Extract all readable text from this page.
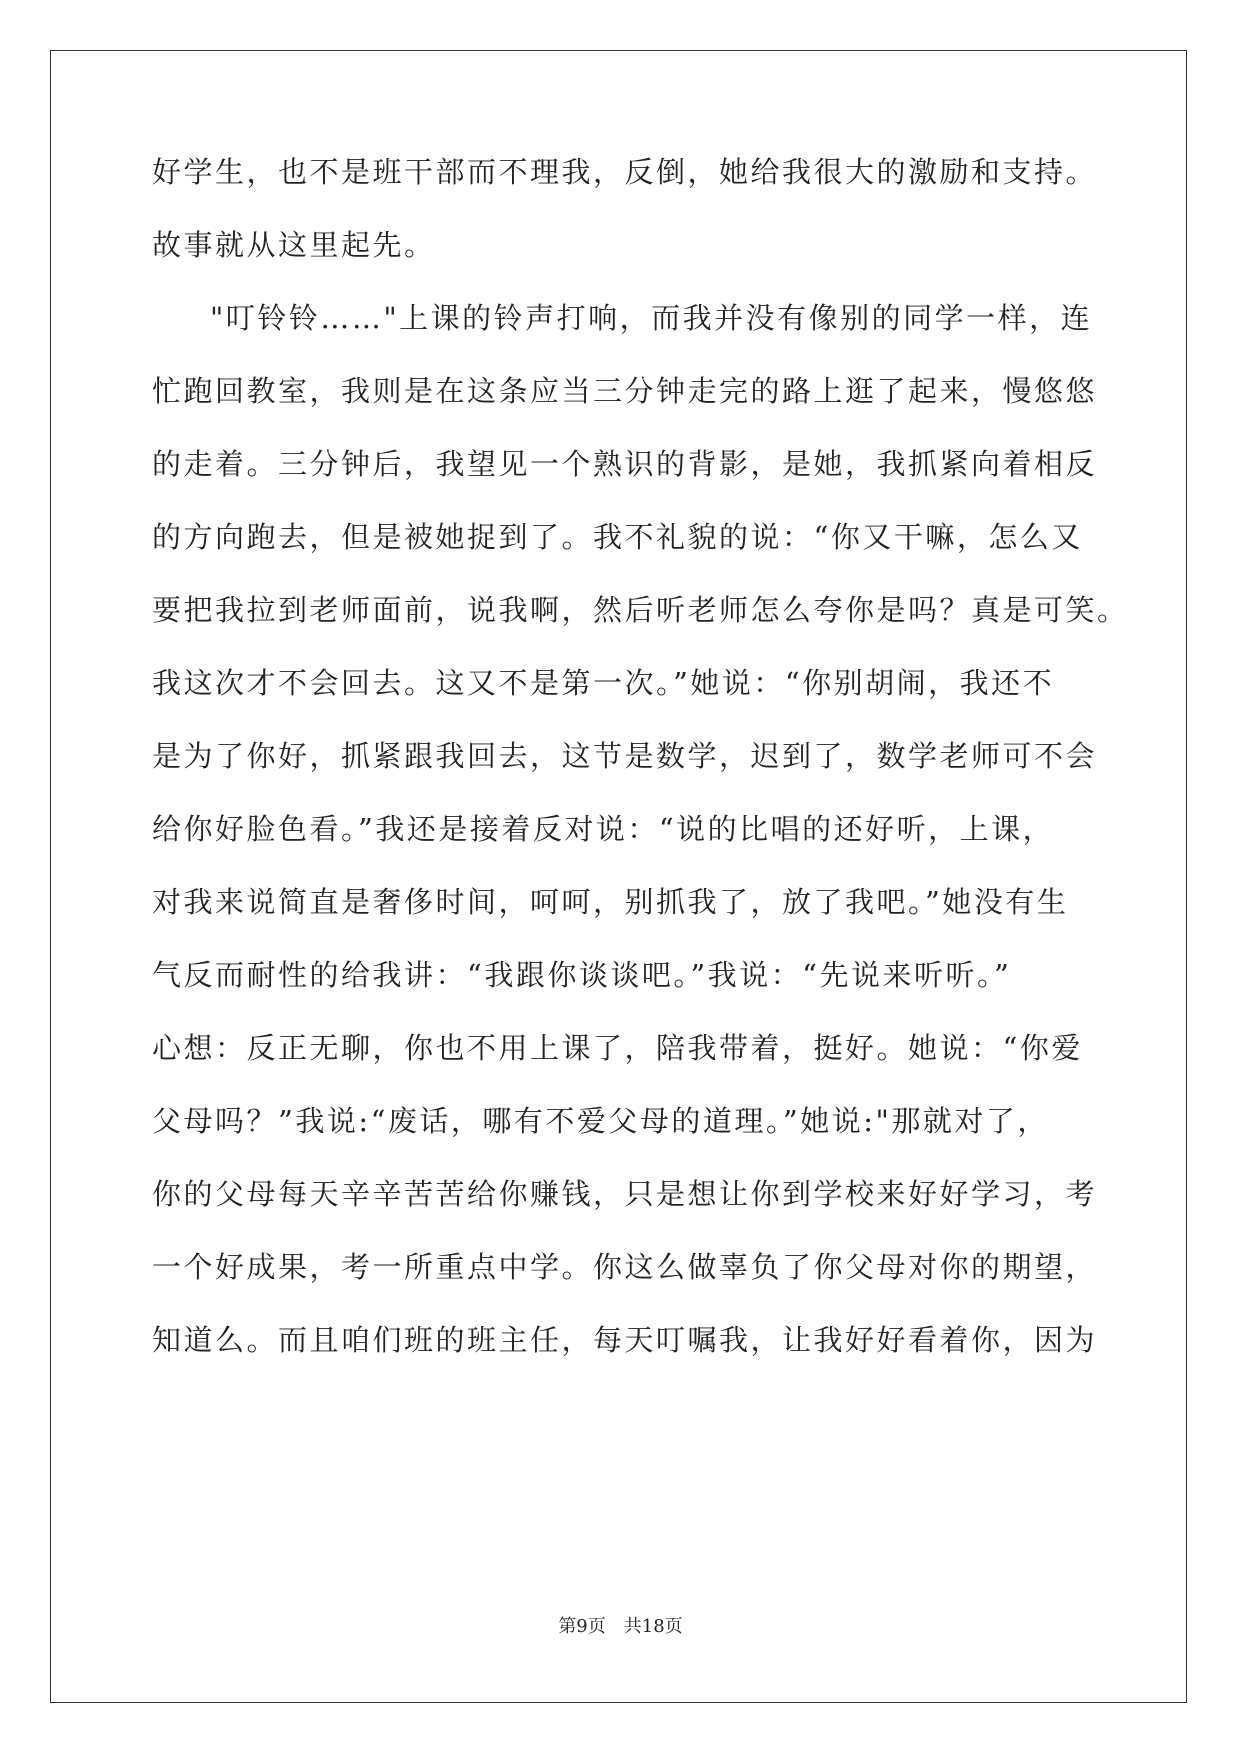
好学生，也不是班干部而不理我，反倒，她给我很大的激励和支持。
故事就从这里起先。
"叮铃铃……"上课的铃声打响，而我并没有像别的同学一样，连
忙跑回教室，我则是在这条应当三分钟走完的路上逛了起来，慢悠悠
的走着。三分钟后，我望见一个熟识的背影，是她，我抓紧向着相反
的方向跑去，但是被她捉到了。我不礼貌的说：“你又干嘛，怎么又
要把我拉到老师面前，说我啊，然后听老师怎么夸你是吗？真是可笑。
我这次才不会回去。这又不是第一次。”她说：“你别胡闹，我还不
是为了你好，抓紧跟我回去，这节是数学，迟到了，数学老师可不会
给你好脸色看。”我还是接着反对说：“说的比唱的还好听，上课，
对我来说简直是奢侈时间，呵呵，别抓我了，放了我吧。”她没有生
气反而耐性的给我讲：“我跟你谈谈吧。”我说：“先说来听听。”
心想：反正无聊，你也不用上课了，陪我带着，挺好。她说：“你爱
父母吗？”我说:“废话，哪有不爱父母的道理。”她说:"那就对了，
你的父母每天辛辛苦苦给你赚钱，只是想让你到学校来好好学习，考
一个好成果，考一所重点中学。你这么做辜负了你父母对你的期望，
知道么。而且咱们班的班主任，每天叮嘱我，让我好好看着你，因为
第9页　共18页
